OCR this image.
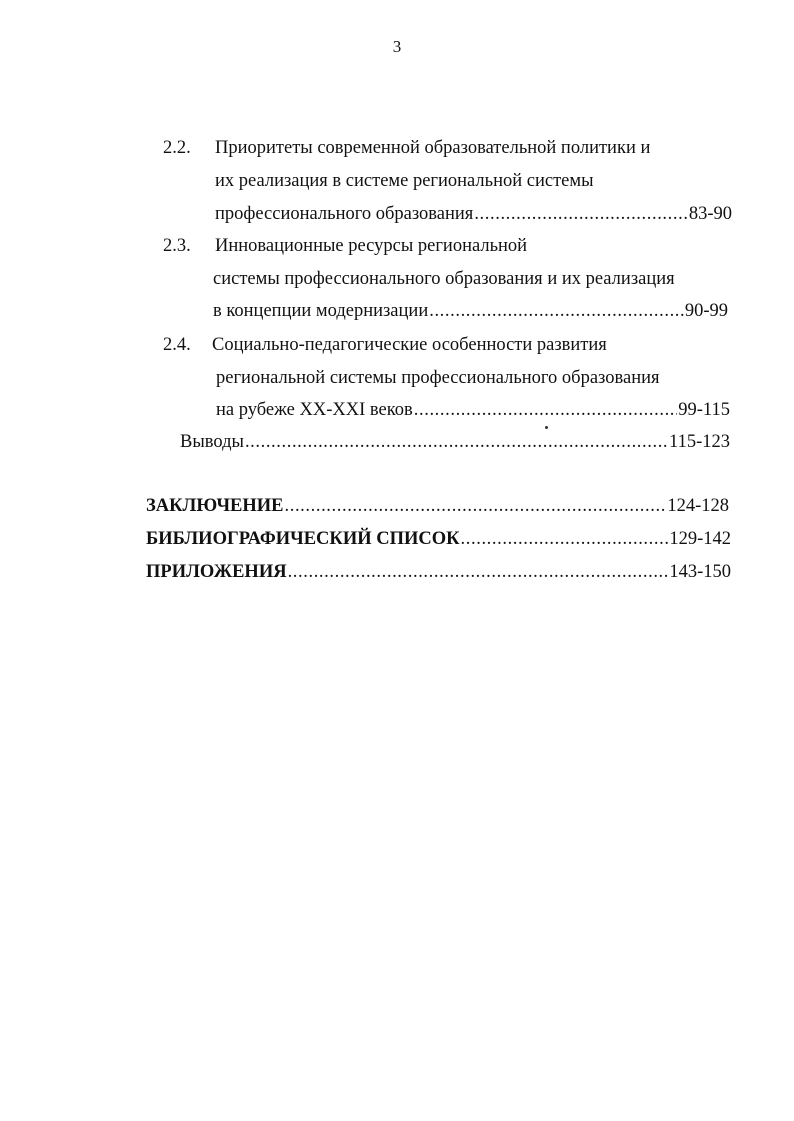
3
2.2. Приоритеты современной образовательной политики и
их реализация в системе региональной системы
профессионального образования .....	83-90
2.3. Инновационные ресурсы региональной
системы профессионального образования и их реализация
в концепции модернизации .....	90-99
2.4. Социально-педагогические особенности развития
региональной системы профессионального образования
на рубеже XX-XXI веков .....	99-115
Выводы .....	115-123
ЗАКЛЮЧЕНИЕ .....	124-128
БИБЛИОГРАФИЧЕСКИЙ СПИСОК .....	129-142
ПРИЛОЖЕНИЯ .....	143-150
